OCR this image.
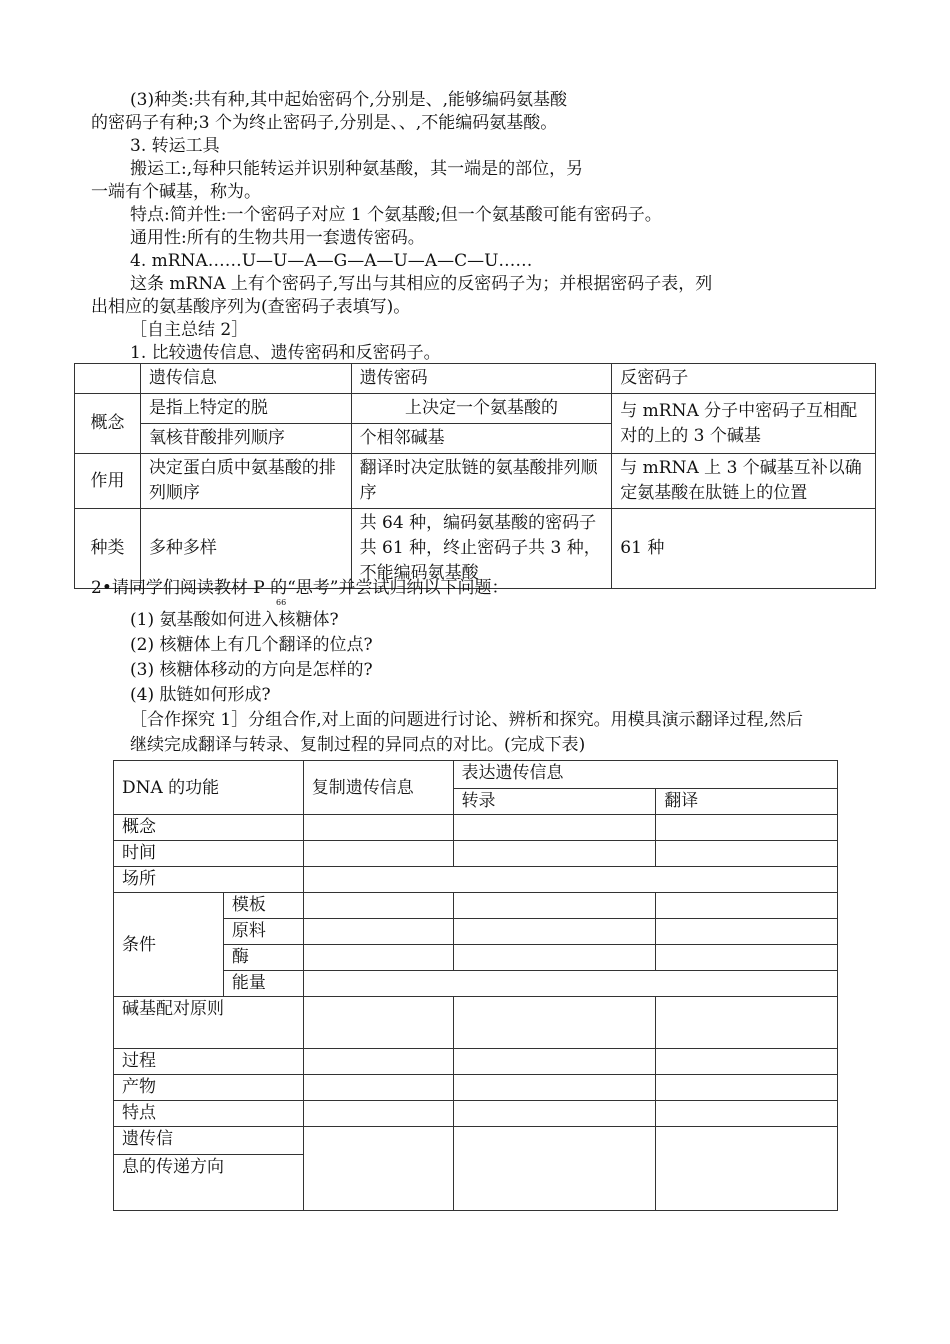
(3)种类:共有种,其中起始密码个,分别是、,能够编码氨基酸
的密码子有种;3 个为终止密码子,分别是、、,不能编码氨基酸。
3. 转运工具
搬运工:,每种只能转运并识别种氨基酸，其一端是的部位，另
一端有个碱基，称为。
特点:简并性:一个密码子对应 1 个氨基酸;但一个氨基酸可能有密码子。
通用性:所有的生物共用一套遗传密码。
4. mRNA……U—U—A—G—A—U—A—C—U……
这条 mRNA 上有个密码子,写出与其相应的反密码子为；并根据密码子表，列
出相应的氨基酸序列为(查密码子表填写)。
［自主总结 2］
1. 比较遗传信息、遗传密码和反密码子。
	遗传信息	遗传密码	反密码子
概念	是指上特定的脱	上决定一个氨基酸的	与 mRNA 分子中密码子互相配对的上的 3 个碱基
	氧核苷酸排列顺序	个相邻碱基	
作用	决定蛋白质中氨基酸的排列顺序	翻译时决定肽链的氨基酸排列顺序	与 mRNA 上 3 个碱基互补以确定氨基酸在肽链上的位置
种类	多种多样	共 64 种，编码氨基酸的密码子共 61 种，终止密码子共 3 种，不能编码氨基酸	61 种
2•请同学们阅读教材 P 的“思考”并尝试归纳以下问题：
66
(1) 氨基酸如何进入核糖体?
(2) 核糖体上有几个翻译的位点?
(3) 核糖体移动的方向是怎样的?
(4) 肽链如何形成?
［合作探究 1］分组合作,对上面的问题进行讨论、辨析和探究。用模具演示翻译过程,然后
继续完成翻译与转录、复制过程的异同点的对比。(完成下表)
DNA 的功能		复制遗传信息	表达遗传信息	
			转录	翻译
概念				
时间				
场所				
条件	模板			
	原料			
	酶			
	能量			
碱基配对原则				
过程				
产物				
特点				
遗传信				
息的传递方向				
